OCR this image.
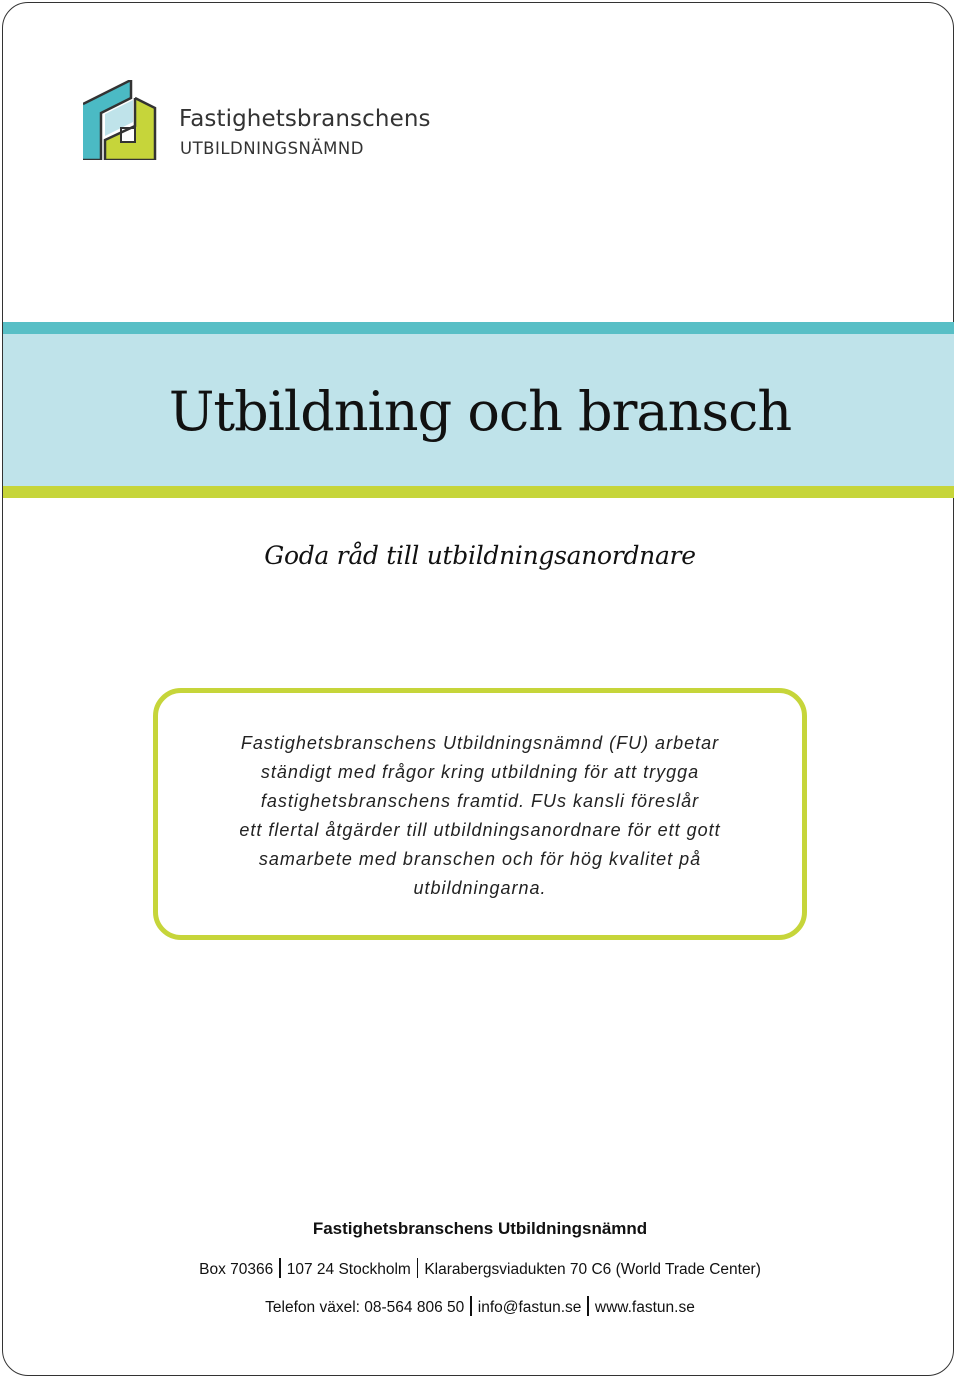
Fastighetsbranschens
UTBILDNINGSNÄMND
Utbildning och bransch
Goda råd till utbildningsanordnare

Fastighetsbranschens Utbildningsnämnd (FU) arbetar
ständigt med frågor kring utbildning för att trygga
fastighetsbranschens framtid. FUs kansli föreslår
ett flertal åtgärder till utbildningsanordnare för ett gott
samarbete med branschen och för hög kvalitet på
utbildningarna.

Fastighetsbranschens Utbildningsnämnd

Box 70366 107 24 Stockholm Klarabergsviadukten 70 C6 (World Trade Center)

Telefon växel: 08-564 806 50 info@fastun.se www.fastun.se
